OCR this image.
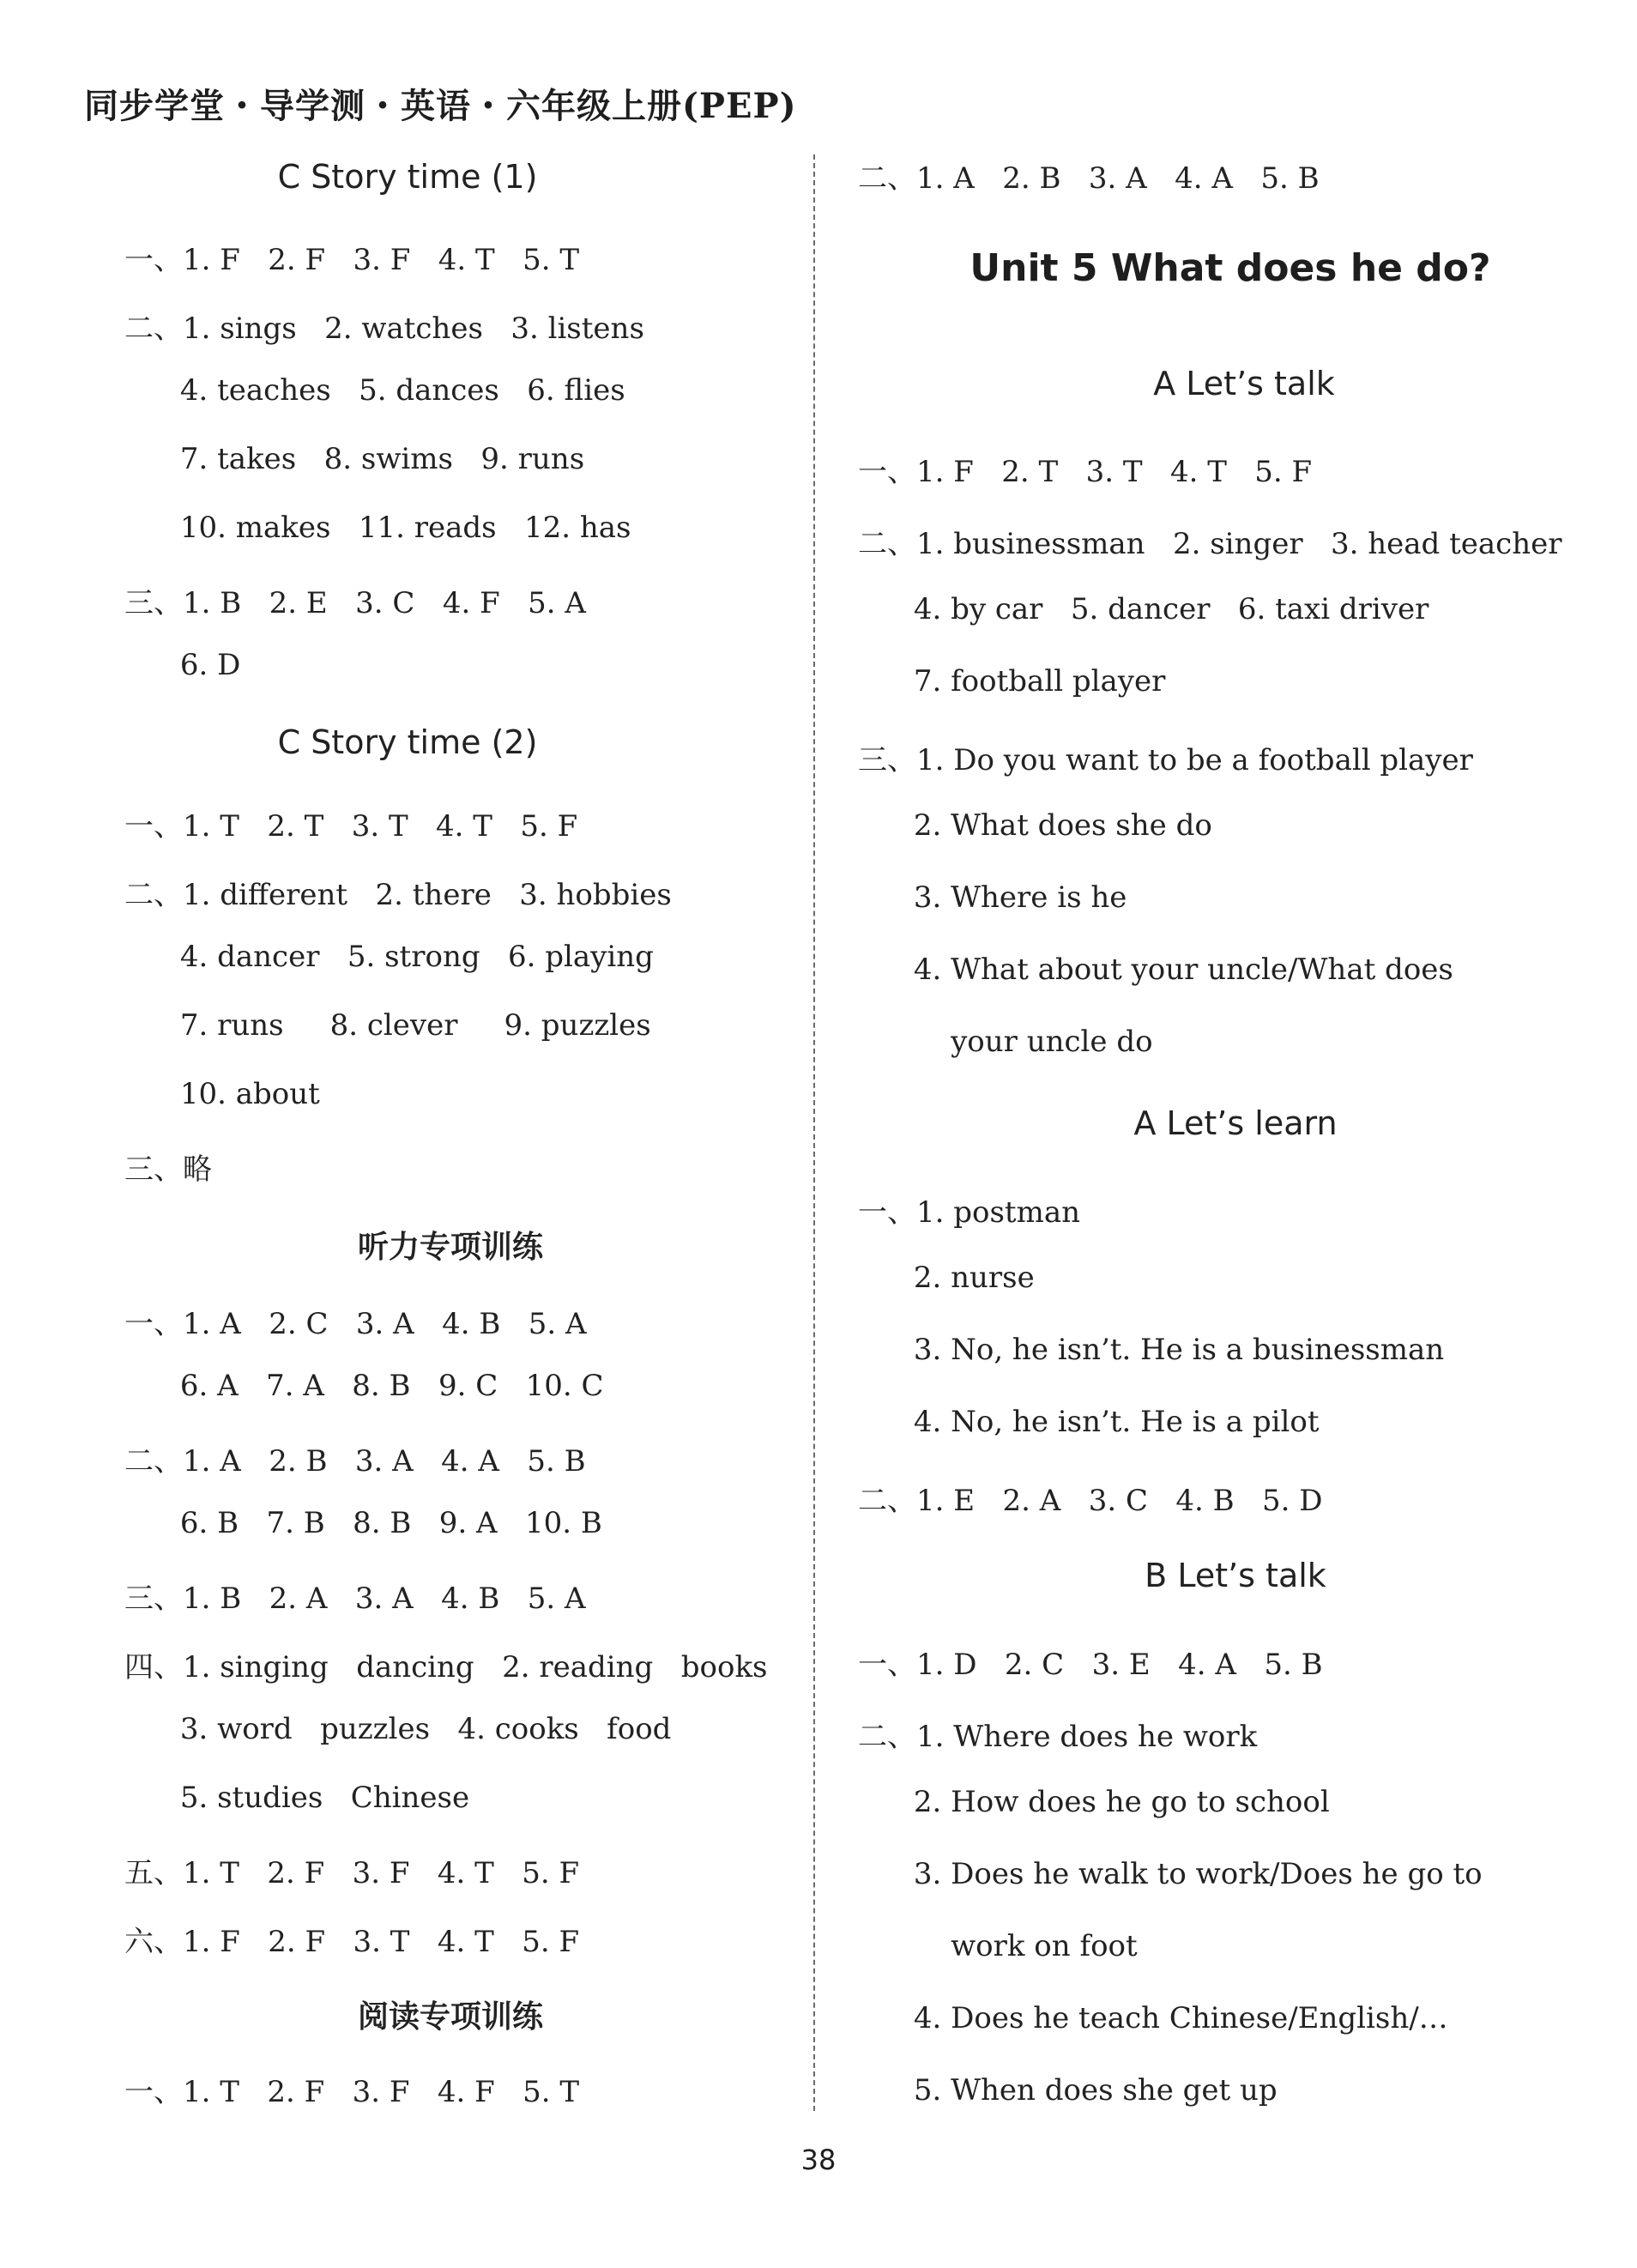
同步学堂・导学测・英语・六年级上册(PEP)
C Story time (1)
一、1. F   2. F   3. F   4. T   5. T
二、1. sings   2. watches   3. listens
4. teaches   5. dances   6. flies
7. takes   8. swims   9. runs
10. makes   11. reads   12. has
三、1. B   2. E   3. C   4. F   5. A
6. D
C Story time (2)
一、1. T   2. T   3. T   4. T   5. F
二、1. different   2. there   3. hobbies
4. dancer   5. strong   6. playing
7. runs     8. clever     9. puzzles
10. about
三、略
听力专项训练
一、1. A   2. C   3. A   4. B   5. A
6. A   7. A   8. B   9. C   10. C
二、1. A   2. B   3. A   4. A   5. B
6. B   7. B   8. B   9. A   10. B
三、1. B   2. A   3. A   4. B   5. A
四、1. singing   dancing   2. reading   books
3. word   puzzles   4. cooks   food
5. studies   Chinese
五、1. T   2. F   3. F   4. T   5. F
六、1. F   2. F   3. T   4. T   5. F
阅读专项训练
一、1. T   2. F   3. F   4. F   5. T
二、1. A   2. B   3. A   4. A   5. B
Unit 5 What does he do?
A Let’s talk
一、1. F   2. T   3. T   4. T   5. F
二、1. businessman   2. singer   3. head teacher
4. by car   5. dancer   6. taxi driver
7. football player
三、1. Do you want to be a football player
2. What does she do
3. Where is he
4. What about your uncle/What does
your uncle do
A Let’s learn
一、1. postman
2. nurse
3. No, he isn’t. He is a businessman
4. No, he isn’t. He is a pilot
二、1. E   2. A   3. C   4. B   5. D
B Let’s talk
一、1. D   2. C   3. E   4. A   5. B
二、1. Where does he work
2. How does he go to school
3. Does he walk to work/Does he go to
work on foot
4. Does he teach Chinese/English/…
5. When does she get up
38
